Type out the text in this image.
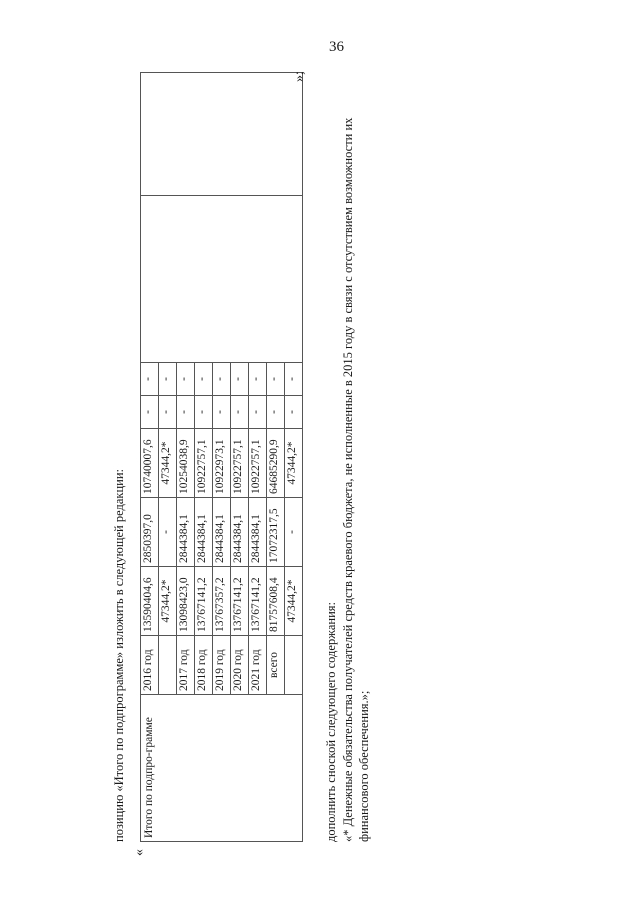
36
позицию «Итого по подпрограмме» изложить в следующей редакции:
«
Итого по подпро-грамме	2016 год	13590404,6	2850397,0	10740007,6	-	-		
		47344,2*	-	47344,2*	-	-		
	2017 год	13098423,0	2844384,1	10254038,9	-	-		
	2018 год	13767141,2	2844384,1	10922757,1	-	-		
	2019 год	13767357,2	2844384,1	10922973,1	-	-		
	2020 год	13767141,2	2844384,1	10922757,1	-	-		
	2021 год	13767141,2	2844384,1	10922757,1	-	-		
	всего	81757608,4	17072317,5	64685290,9	-	-		
		47344,2*	-	47344,2*	-	-		
»;
дополнить сноской следующего содержания: «* Денежные обязательства получателей средств краевого бюджета, не исполненные в 2015 году в связи с отсутствием возможности их финансового обеспечения.»;
